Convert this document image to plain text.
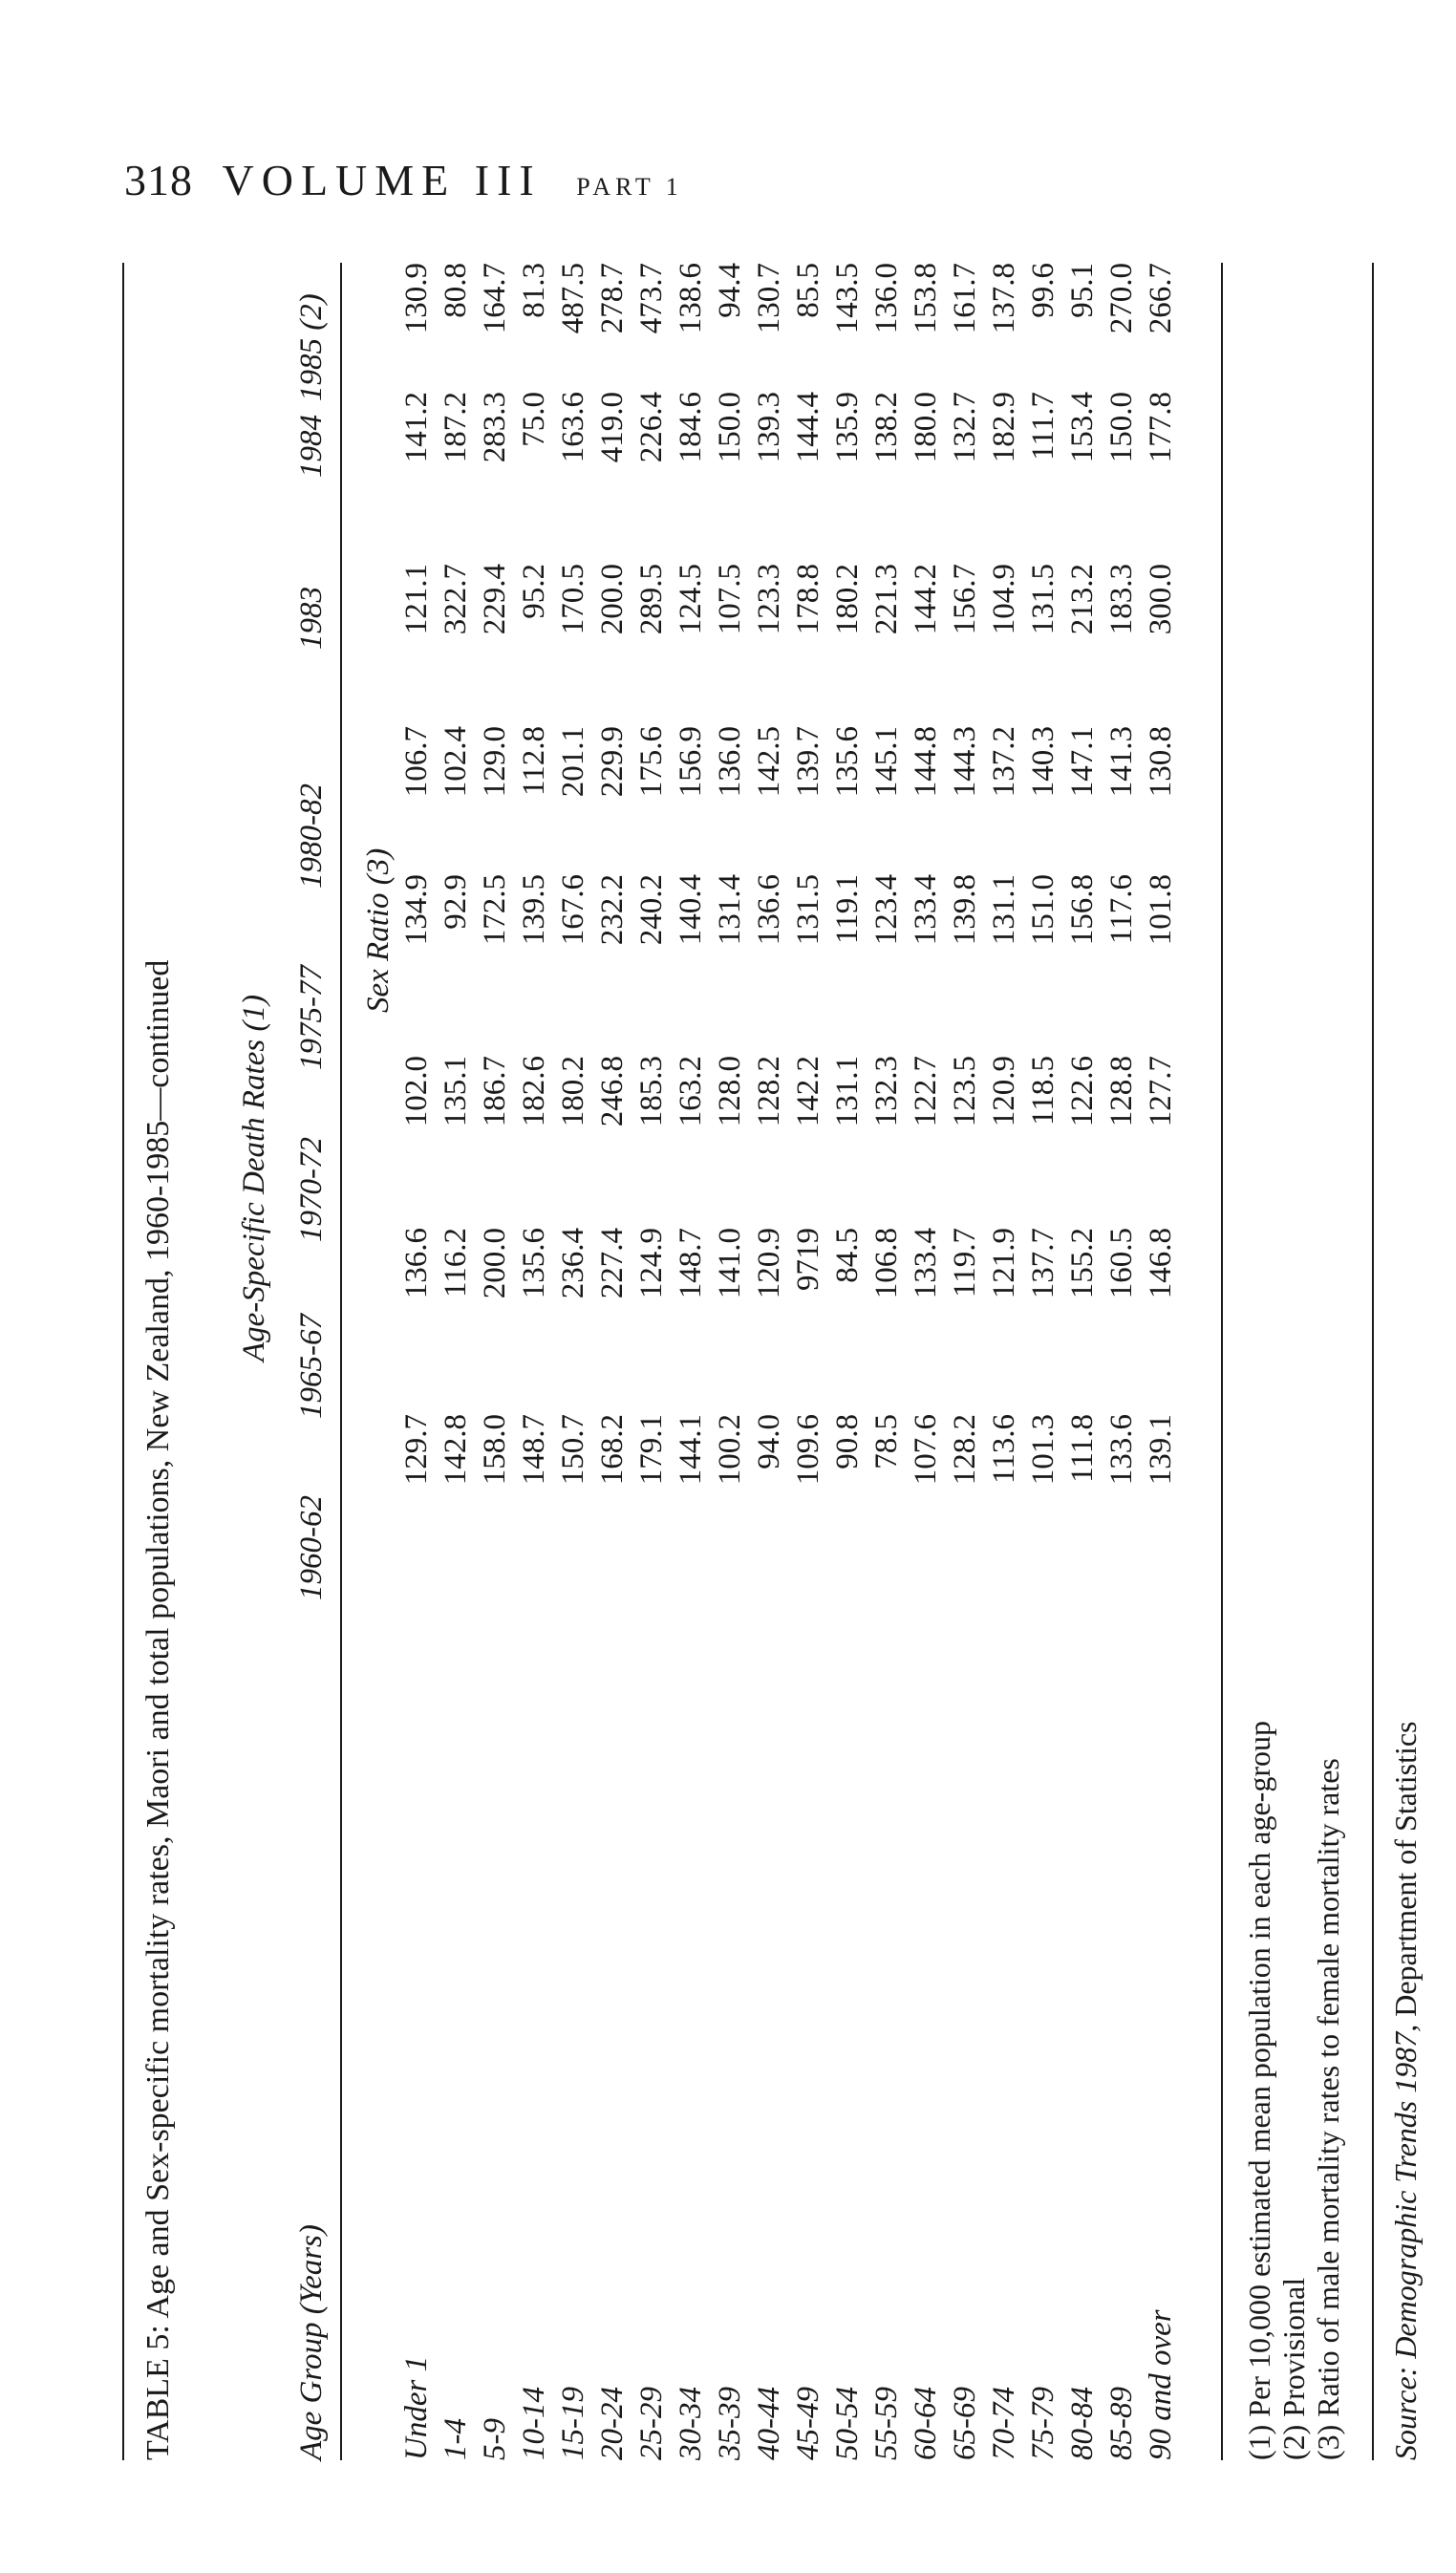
318 VOLUME III PART 1
TABLE 5: Age and Sex-specific mortality rates, Maori and total populations, New Zealand, 1960-1985—continued Age-Specific Death Rates (1)
Age Group (Years)
1960-62
1965-67
1970-72
1975-77
1980-82
1983
1984
1985 (2)
Sex Ratio (3)
Under 1
129.7
136.6
102.0
134.9
106.7
121.1
141.2
130.9
1-4
142.8
116.2
135.1
92.9
102.4
322.7
187.2
80.8
5-9
158.0
200.0
186.7
172.5
129.0
229.4
283.3
164.7
10-14
148.7
135.6
182.6
139.5
112.8
95.2
75.0
81.3
15-19
150.7
236.4
180.2
167.6
201.1
170.5
163.6
487.5
20-24
168.2
227.4
246.8
232.2
229.9
200.0
419.0
278.7
25-29
179.1
124.9
185.3
240.2
175.6
289.5
226.4
473.7
30-34
144.1
148.7
163.2
140.4
156.9
124.5
184.6
138.6
35-39
100.2
141.0
128.0
131.4
136.0
107.5
150.0
94.4
40-44
94.0
120.9
128.2
136.6
142.5
123.3
139.3
130.7
45-49
109.6
9719
142.2
131.5
139.7
178.8
144.4
85.5
50-54
90.8
84.5
131.1
119.1
135.6
180.2
135.9
143.5
55-59
78.5
106.8
132.3
123.4
145.1
221.3
138.2
136.0
60-64
107.6
133.4
122.7
133.4
144.8
144.2
180.0
153.8
65-69
128.2
119.7
123.5
139.8
144.3
156.7
132.7
161.7
70-74
113.6
121.9
120.9
131.1
137.2
104.9
182.9
137.8
75-79
101.3
137.7
118.5
151.0
140.3
131.5
111.7
99.6
80-84
111.8
155.2
122.6
156.8
147.1
213.2
153.4
95.1
85-89
133.6
160.5
128.8
117.6
141.3
183.3
150.0
270.0
90 and over
139.1
146.8
127.7
101.8
130.8
300.0
177.8
266.7
(1) Per 10,000 estimated mean population in each age-group (2) Provisional (3) Ratio of male mortality rates to female mortality rates Source: Demographic Trends 1987, Department of Statistics
